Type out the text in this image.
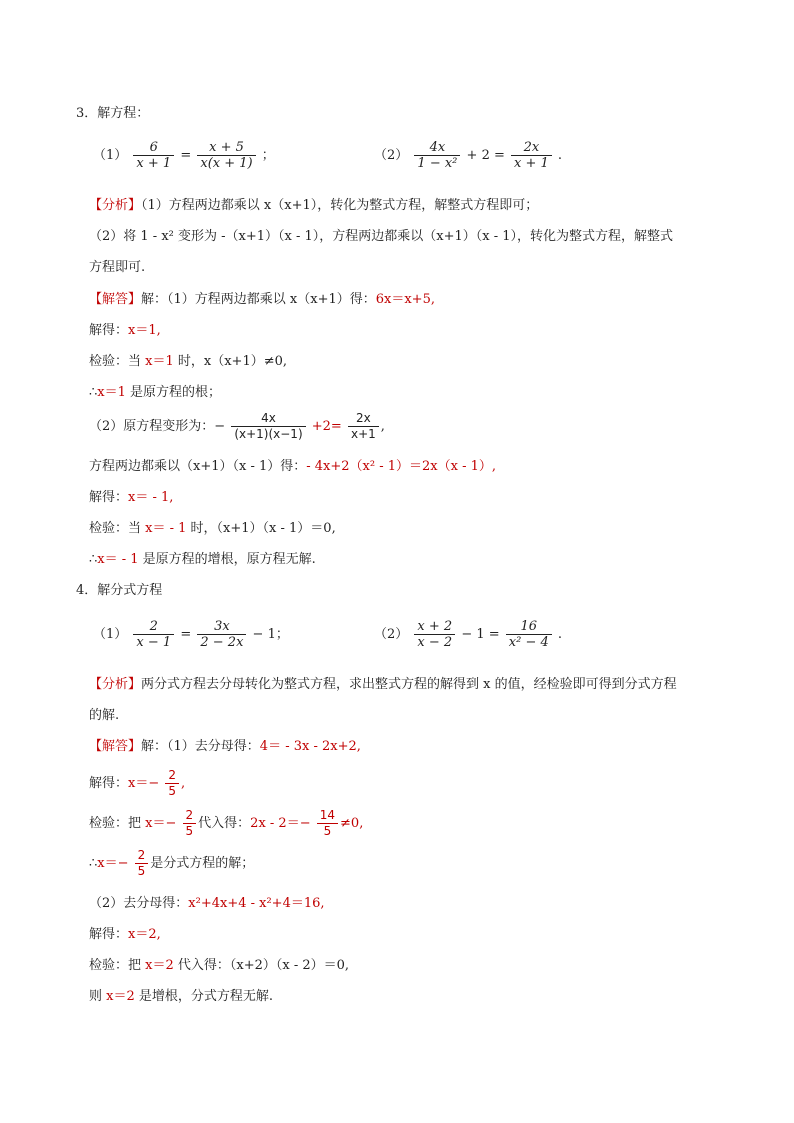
3．解方程：
$(1) \frac{6}{x + 1} = \frac{x + 5}{x(x + 1)}$ ；	$(2) \frac{4x}{\text{1 − x²}} + 2 = \frac{2x}{x + 1}$ .
【分析】（1）方程两边都乘以 x（x+1），转化为整式方程，解整式方程即可；
（2）将 1 - x² 变形为 -（x+1）（x - 1），方程两边都乘以（x+1）（x - 1），转化为整式方程，解整式
方程即可.
【解答】解：（1）方程两边都乘以 x（x+1）得：6x＝x+5,
解得：x＝1,
检验：当 x＝1 时，x（x+1）≠0,
∴x＝1 是原方程的根；
（2）原方程变形为：− $\frac{4x}{(x+1)(x-1)} +2= \frac{2x}{x+1}$ ,
方程两边都乘以（x+1）（x - 1）得：- 4x+2（x² - 1）＝2x（x - 1）,
解得：x＝ - 1,
检验：当 x＝ - 1 时，（x+1）（x - 1）＝0,
∴x＝ - 1 是原方程的增根，原方程无解.
4．解分式方程
$(1) \frac{2}{x - 1} = \frac{3x}{2 - 2x} - 1$；	$(2) \frac{x + 2}{x - 2} - 1 = \frac{16}{\text{x² − 4}}$ .
【分析】两分式方程去分母转化为整式方程，求出整式方程的解得到 x 的值，经检验即可得到分式方程
的解.
【解答】解：（1）去分母得：4＝ - 3x - 2x+2,
解得：$x=- \frac{2}{5}$ ,
检验：把 $x=- \frac{2}{5}$ 代入得：$2x - 2=- \frac{14}{5} \ne 0$,
∴x＝− $\frac{2}{5}$ 是分式方程的解；
（2）去分母得：x²+4x+4 - x²+4＝16,
解得：x＝2,
检验：把 x＝2 代入得：（x+2）（x - 2）＝0,
则 x＝2 是增根，分式方程无解.
